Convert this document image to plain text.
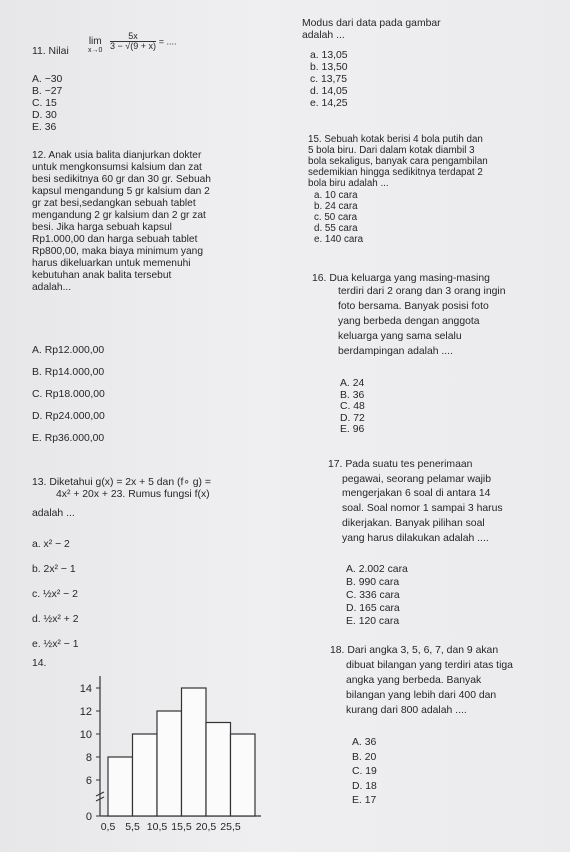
11. Nilai
lim
$x\to 0 \frac{5x}{3 - √(9 + x)}$ = ....
A. −30
B. −27
C. 15
D. 30
E. 36
12. Anak usia balita dianjurkan dokter
untuk mengkonsumsi kalsium dan zat
besi sedikitnya 60 gr dan 30 gr. Sebuah
kapsul mengandung 5 gr kalsium dan 2
gr zat besi,sedangkan sebuah tablet
mengandung 2 gr kalsium dan 2 gr zat
besi. Jika harga sebuah kapsul
Rp1.000,00 dan harga sebuah tablet
Rp800,00, maka biaya minimum yang
harus dikeluarkan untuk memenuhi
kebutuhan anak balita tersebut
adalah...
A. Rp12.000,00
B. Rp14.000,00
C. Rp18.000,00
D. Rp24.000,00
E. Rp36.000,00
13. Diketahui g(x) = 2x + 5 dan (f∘ g) =
4x² + 20x + 23. Rumus fungsi f(x)
adalah ...
a. x² − 2
b. 2x² − 1
c. ½x² − 2
d. ½x² + 2
e. ½x² − 1
14.
0
6
8
10
12
14
0,5 5,5 10,5 15,5 20,5 25,5
Modus dari data pada gambar
adalah ...
a. 13,05
b. 13,50
c. 13,75
d. 14,05
e. 14,25
15. Sebuah kotak berisi 4 bola putih dan
5 bola biru. Dari dalam kotak diambil 3
bola sekaligus, banyak cara pengambilan
sedemikian hingga sedikitnya terdapat 2
bola biru adalah ...
a. 10 cara
b. 24 cara
c. 50 cara
d. 55 cara
e. 140 cara
16. Dua keluarga yang masing-masing
terdiri dari 2 orang dan 3 orang ingin
foto bersama. Banyak posisi foto
yang berbeda dengan anggota
keluarga yang sama selalu
berdampingan adalah ....
A. 24
B. 36
C. 48
D. 72
E. 96
17. Pada suatu tes penerimaan
pegawai, seorang pelamar wajib
mengerjakan 6 soal di antara 14
soal. Soal nomor 1 sampai 3 harus
dikerjakan. Banyak pilihan soal
yang harus dilakukan adalah ....
A. 2.002 cara
B. 990 cara
C. 336 cara
D. 165 cara
E. 120 cara
18. Dari angka 3, 5, 6, 7, dan 9 akan
dibuat bilangan yang terdiri atas tiga
angka yang berbeda. Banyak
bilangan yang lebih dari 400 dan
kurang dari 800 adalah ....
A. 36
B. 20
C. 19
D. 18
E. 17
